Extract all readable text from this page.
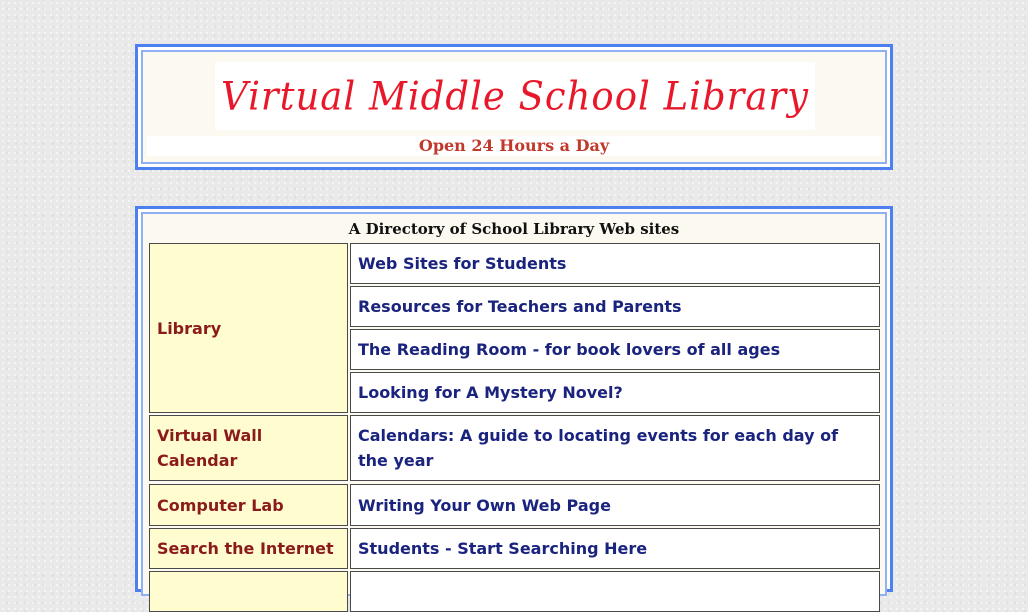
Virtual Middle School Library
Open 24 Hours a Day
A Directory of School Library Web sites
Library
Web Sites for Students
Resources for Teachers and Parents
The Reading Room - for book lovers of all ages
Looking for A Mystery Novel?
Virtual Wall Calendar
Calendars: A guide to locating events for each day of the year
Computer Lab	Writing Your Own Web Page
Search the Internet	Students - Start Searching Here
